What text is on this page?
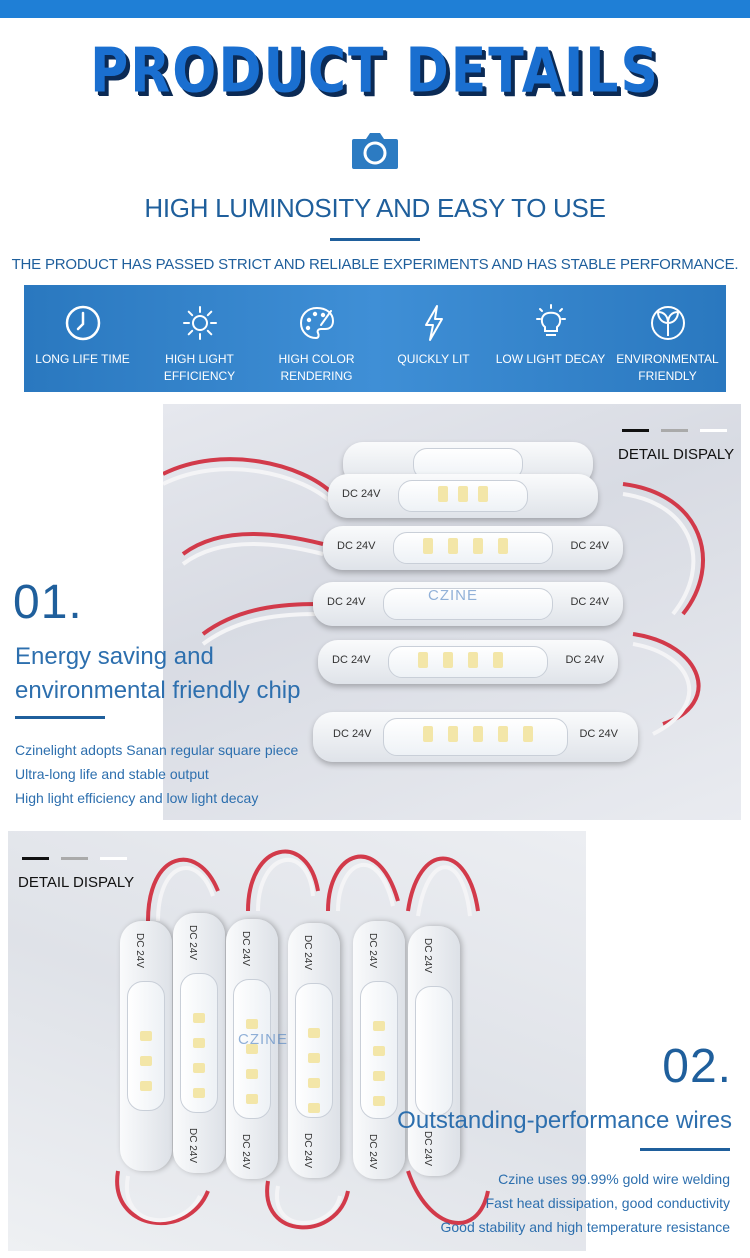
PRODUCT DETAILS
HIGH LUMINOSITY AND EASY TO USE
THE PRODUCT HAS PASSED STRICT AND RELIABLE EXPERIMENTS AND HAS STABLE PERFORMANCE.
LONG LIFE TIME	HIGH LIGHT
EFFICIENCY
HIGH COLOR
RENDERING
QUICKLY LIT LOW LIGHT DECAY ENVIRONMENTAL
FRIENDLY
DC 24V
DC 24V	DC 24V
DC 24V	DC 24V
DC 24V	DC 24V
DC 24V	DC 24V
CZINE
DETAIL DISPALY
01.
Energy saving and
environmental friendly chip
Czinelight adopts Sanan regular square piece
Ultra-long life and stable output
High light efficiency and low light decay
DC 24V	DC 24V
DC 24V
DC 24V
DC 24V
DC 24V
DC 24V
DC 24V
DC 24V
DC 24V
DC 24V
CZINE
DETAIL DISPALY
02.
Outstanding-performance wires
Czine uses 99.99% gold wire welding
Fast heat dissipation, good conductivity
Good stability and high temperature resistance
